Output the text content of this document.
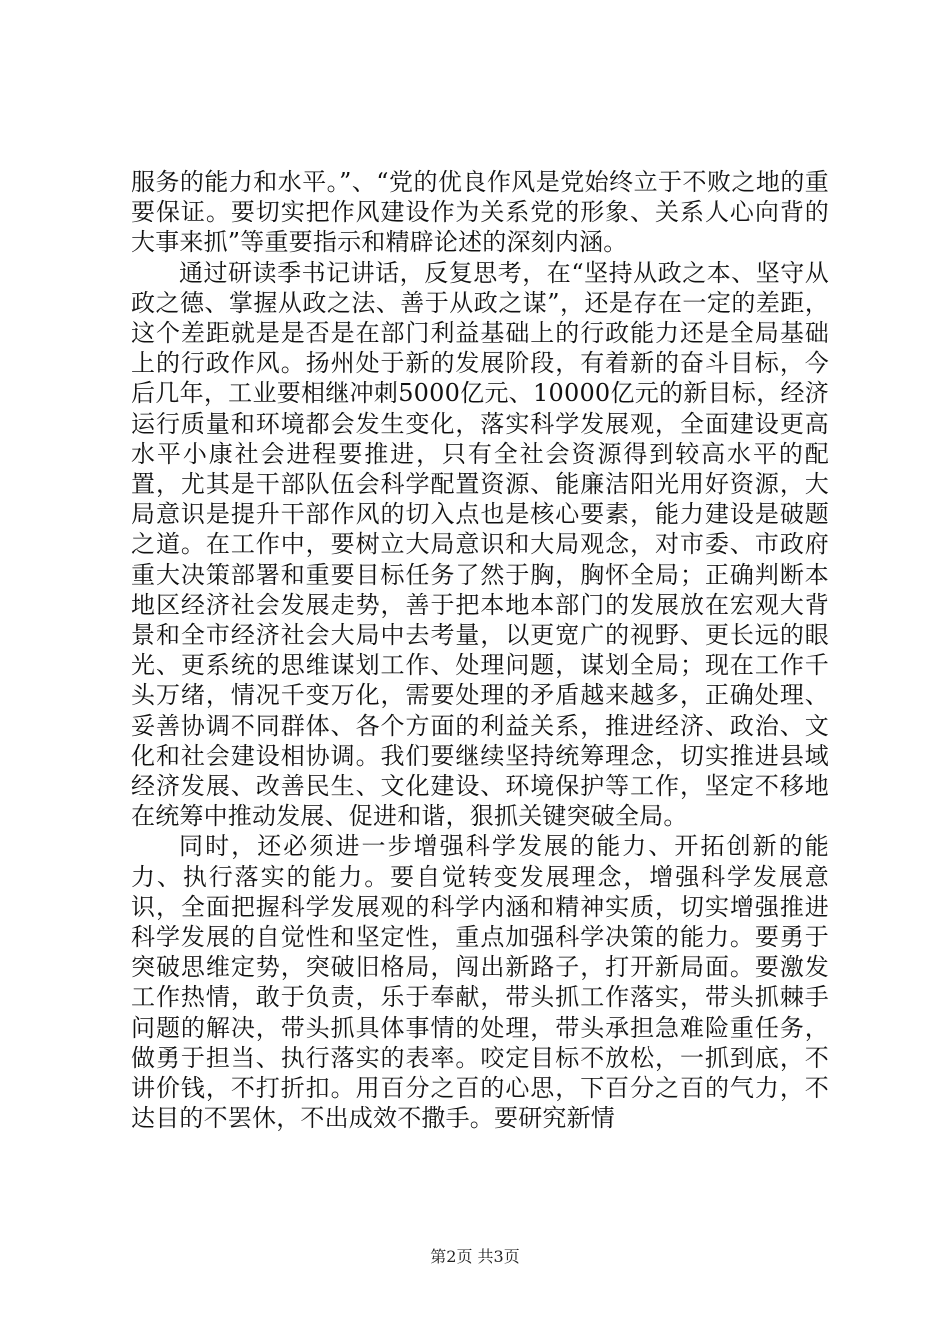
服务的能力和水平。”、“党的优良作风是党始终立于不败之地的重要保证。要切实把作风建设作为关系党的形象、关系人心向背的大事来抓”等重要指示和精辟论述的深刻内涵。

通过研读季书记讲话，反复思考，在“坚持从政之本、坚守从政之德、掌握从政之法、善于从政之谋”，还是存在一定的差距，这个差距就是是否是在部门利益基础上的行政能力还是全局基础上的行政作风。扬州处于新的发展阶段，有着新的奋斗目标，今后几年，工业要相继冲刺5000亿元、10000亿元的新目标，经济运行质量和环境都会发生变化，落实科学发展观，全面建设更高水平小康社会进程要推进，只有全社会资源得到较高水平的配置，尤其是干部队伍会科学配置资源、能廉洁阳光用好资源，大局意识是提升干部作风的切入点也是核心要素，能力建设是破题之道。在工作中，要树立大局意识和大局观念，对市委、市政府重大决策部署和重要目标任务了然于胸，胸怀全局；正确判断本地区经济社会发展走势，善于把本地本部门的发展放在宏观大背景和全市经济社会大局中去考量，以更宽广的视野、更长远的眼光、更系统的思维谋划工作、处理问题，谋划全局；现在工作千头万绪，情况千变万化，需要处理的矛盾越来越多，正确处理、妥善协调不同群体、各个方面的利益关系，推进经济、政治、文化和社会建设相协调。我们要继续坚持统筹理念，切实推进县域经济发展、改善民生、文化建设、环境保护等工作，坚定不移地在统筹中推动发展、促进和谐，狠抓关键突破全局。

同时，还必须进一步增强科学发展的能力、开拓创新的能力、执行落实的能力。要自觉转变发展理念，增强科学发展意识，全面把握科学发展观的科学内涵和精神实质，切实增强推进科学发展的自觉性和坚定性，重点加强科学决策的能力。要勇于突破思维定势，突破旧格局，闯出新路子，打开新局面。要激发工作热情，敢于负责，乐于奉献，带头抓工作落实，带头抓棘手问题的解决，带头抓具体事情的处理，带头承担急难险重任务，做勇于担当、执行落实的表率。咬定目标不放松，一抓到底，不讲价钱，不打折扣。用百分之百的心思，下百分之百的气力，不达目的不罢休，不出成效不撒手。要研究新情

第2页 共3页
